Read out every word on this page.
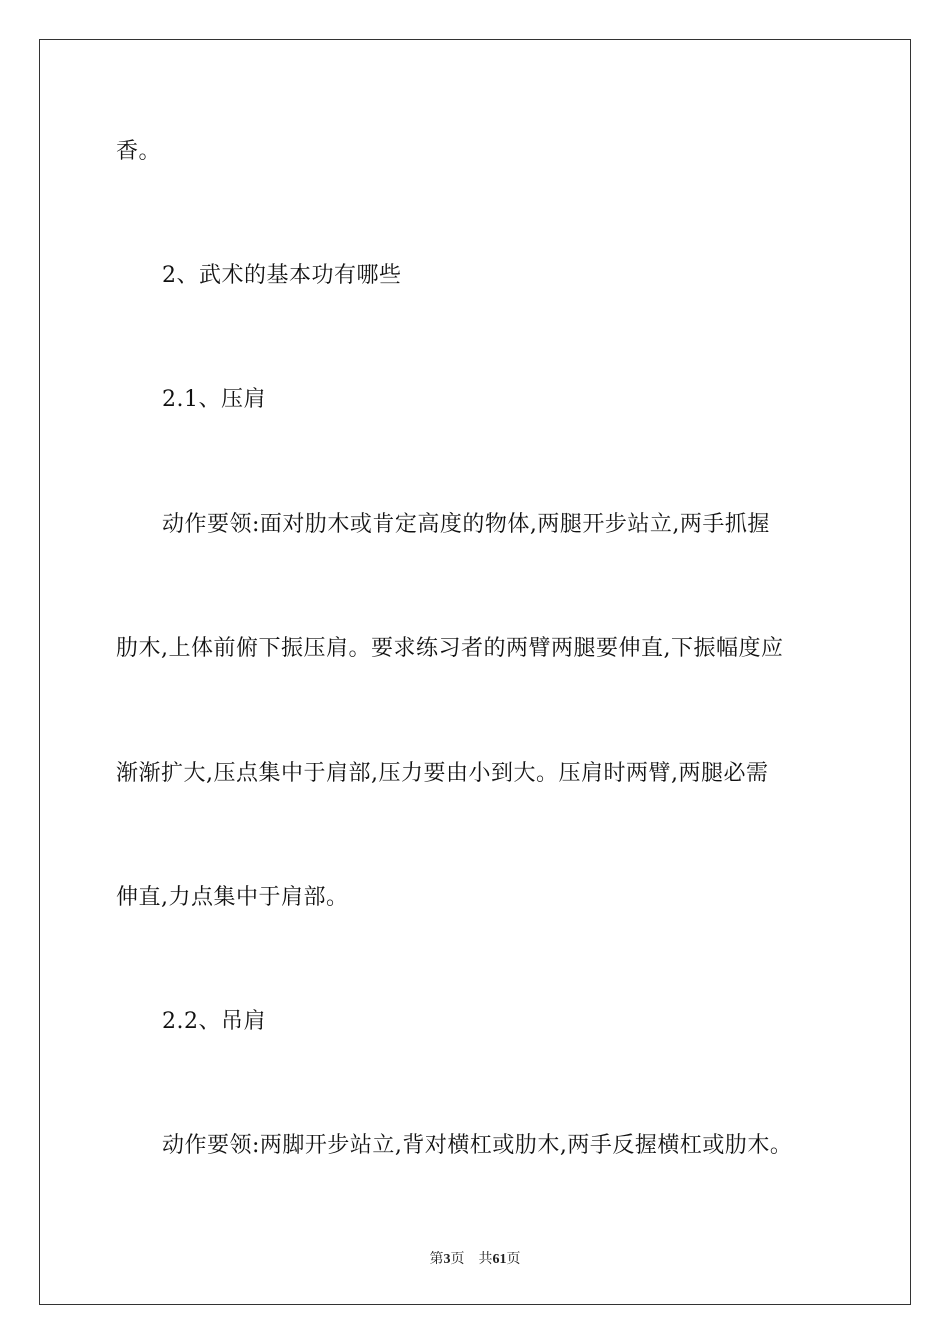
香。
2、武术的基本功有哪些
2.1、压肩
动作要领:面对肋木或肯定高度的物体,两腿开步站立,两手抓握
肋木,上体前俯下振压肩。要求练习者的两臂两腿要伸直,下振幅度应
渐渐扩大,压点集中于肩部,压力要由小到大。压肩时两臂,两腿必需
伸直,力点集中于肩部。
2.2、吊肩
动作要领:两脚开步站立,背对横杠或肋木,两手反握横杠或肋木。
第3页 共61页
